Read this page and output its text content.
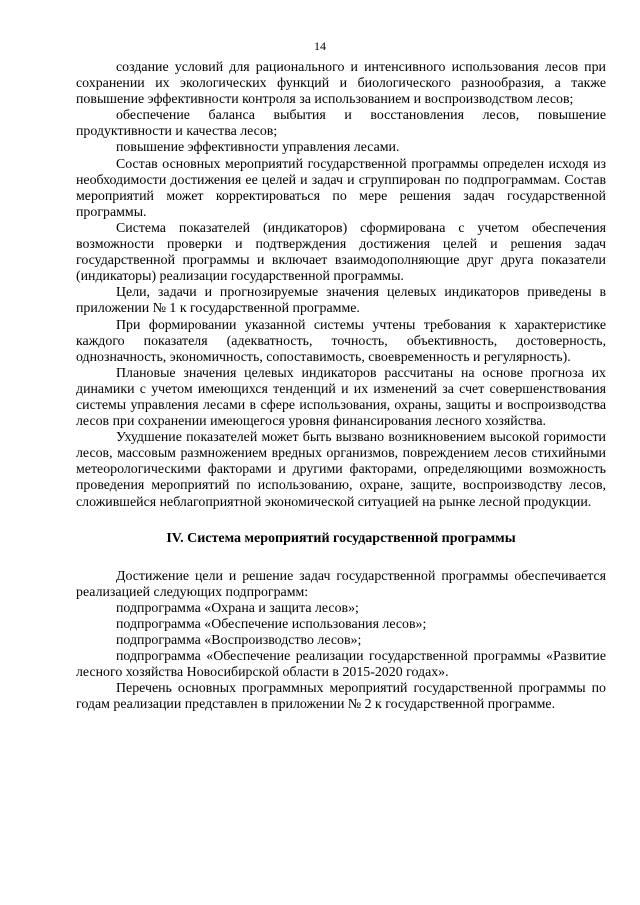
14

создание условий для рационального и интенсивного использования лесов при сохранении их экологических функций и биологического разнообразия, а также повышение эффективности контроля за использованием и воспроизводством лесов;

обеспечение баланса выбытия и восстановления лесов, повышение продуктивности и качества лесов;

повышение эффективности управления лесами.

Состав основных мероприятий государственной программы определен исходя из необходимости достижения ее целей и задач и сгруппирован по подпрограммам. Состав мероприятий может корректироваться по мере решения задач государственной программы.

Система показателей (индикаторов) сформирована с учетом обеспечения возможности проверки и подтверждения достижения целей и решения задач государственной программы и включает взаимодополняющие друг друга показатели (индикаторы) реализации государственной программы.

Цели, задачи и прогнозируемые значения целевых индикаторов приведены в приложении № 1 к государственной программе.

При формировании указанной системы учтены требования к характеристике каждого показателя (адекватность, точность, объективность, достоверность, однозначность, экономичность, сопоставимость, своевременность и регулярность).

Плановые значения целевых индикаторов рассчитаны на основе прогноза их динамики с учетом имеющихся тенденций и их изменений за счет совершенствования системы управления лесами в сфере использования, охраны, защиты и воспроизводства лесов при сохранении имеющегося уровня финансирования лесного хозяйства.

Ухудшение показателей может быть вызвано возникновением высокой горимости лесов, массовым размножением вредных организмов, повреждением лесов стихийными метеорологическими факторами и другими факторами, определяющими возможность проведения мероприятий по использованию, охране, защите, воспроизводству лесов, сложившейся неблагоприятной экономической ситуацией на рынке лесной продукции.

IV. Система мероприятий государственной программы

Достижение цели и решение задач государственной программы обеспечивается реализацией следующих подпрограмм:

подпрограмма «Охрана и защита лесов»;

подпрограмма «Обеспечение использования лесов»;

подпрограмма «Воспроизводство лесов»;

подпрограмма «Обеспечение реализации государственной программы «Развитие лесного хозяйства Новосибирской области в 2015-2020 годах».

Перечень основных программных мероприятий государственной программы по годам реализации представлен в приложении № 2 к государственной программе.
